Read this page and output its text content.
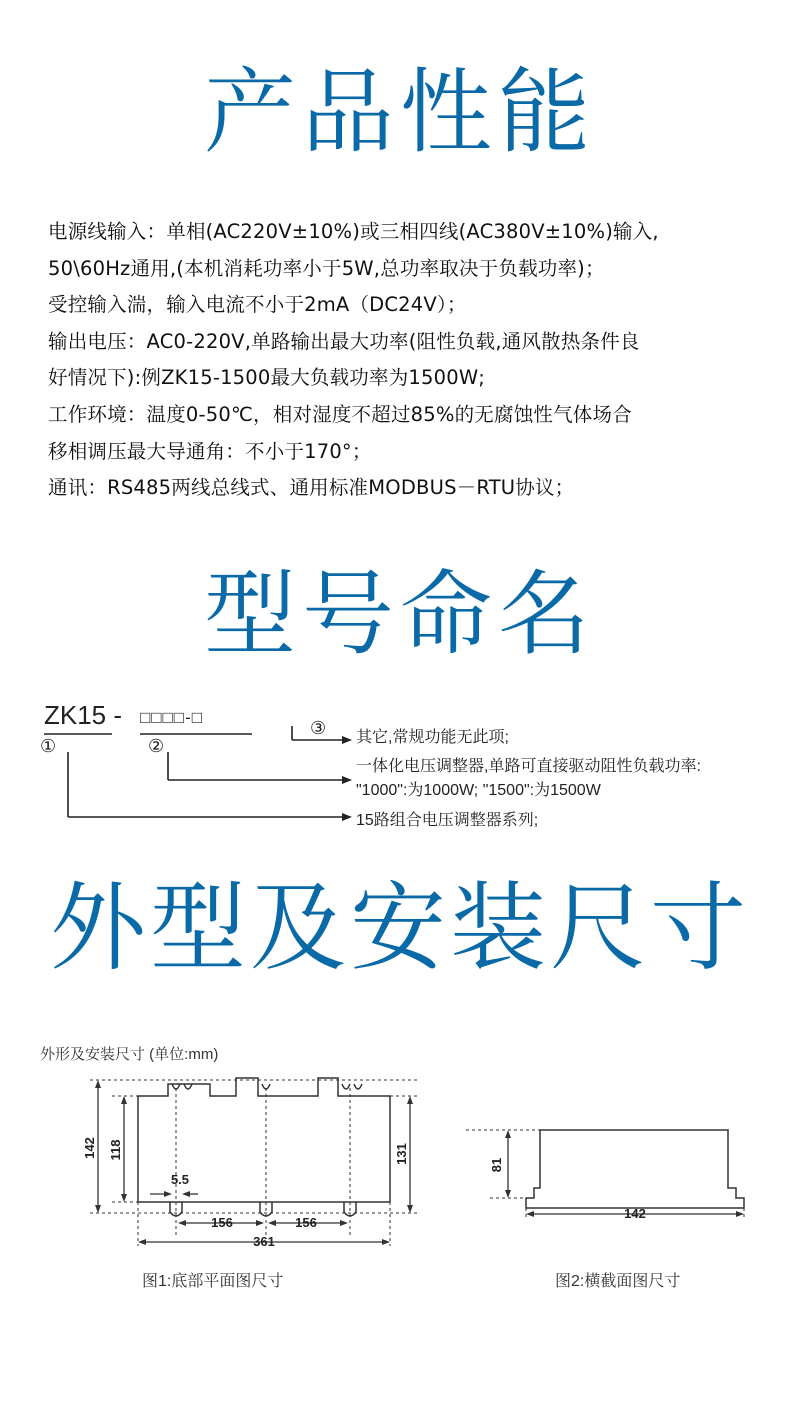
产品性能

电源线输入：单相(AC220V±10%)或三相四线(AC380V±10%)输入,

50\60Hz通用,(本机消耗功率小于5W,总功率取决于负载功率)；

受控输入湍，输入电流不小于2mA（DC24V）；

输出电压：AC0-220V,单路输出最大功率(阻性负载,通风散热条件良

好情况下):例ZK15-1500最大负载功率为1500W;

工作环境：温度0-50℃，相对湿度不超过85%的无腐蚀性气体场合

移相调压最大导通角：不小于170°；

通讯：RS485两线总线式、通用标准MODBUS－RTU协议；

型号命名
ZK15 - □□□□-□
①	②
③ 其它,常规功能无此项;
一体化电压调整器,单路可直接驱动阻性负载功率:
"1000":为1000W; "1500":为1500W
15路组合电压调整器系列;
外型及安装尺寸
外形及安装尺寸 (单位:mm)
142 118	131
5.5
156	156
361
81
142
图1:底部平面图尺寸	图2:横截面图尺寸
